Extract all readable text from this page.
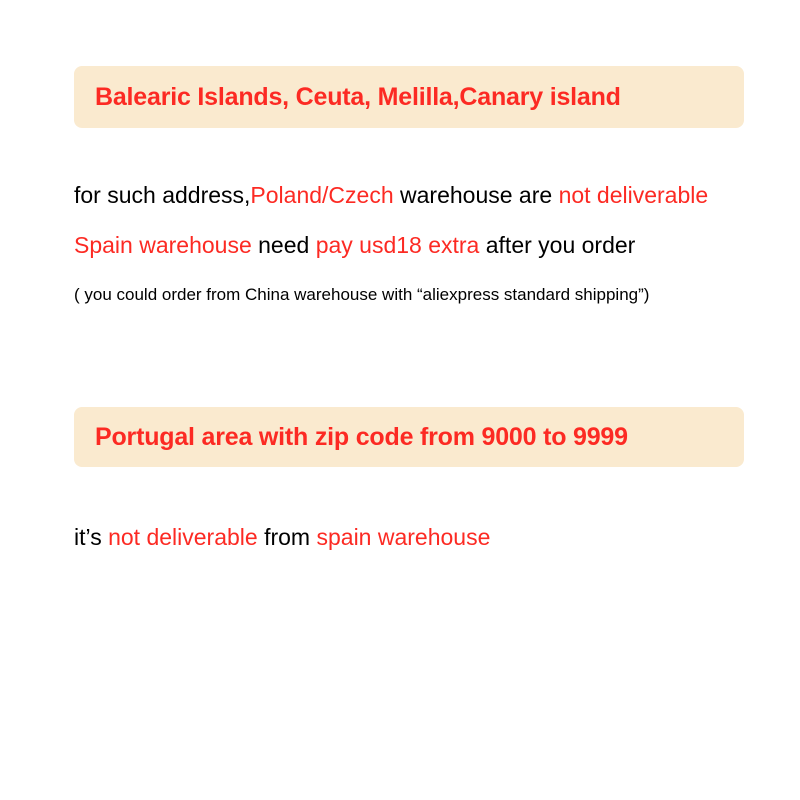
Balearic Islands, Ceuta, Melilla,Canary island
for such address,Poland/Czech warehouse are not deliverable
Spain warehouse need pay usd18 extra after you order
( you could order from China warehouse with “aliexpress standard shipping”)
Portugal area with zip code from 9000 to 9999
it’s not deliverable from spain warehouse
